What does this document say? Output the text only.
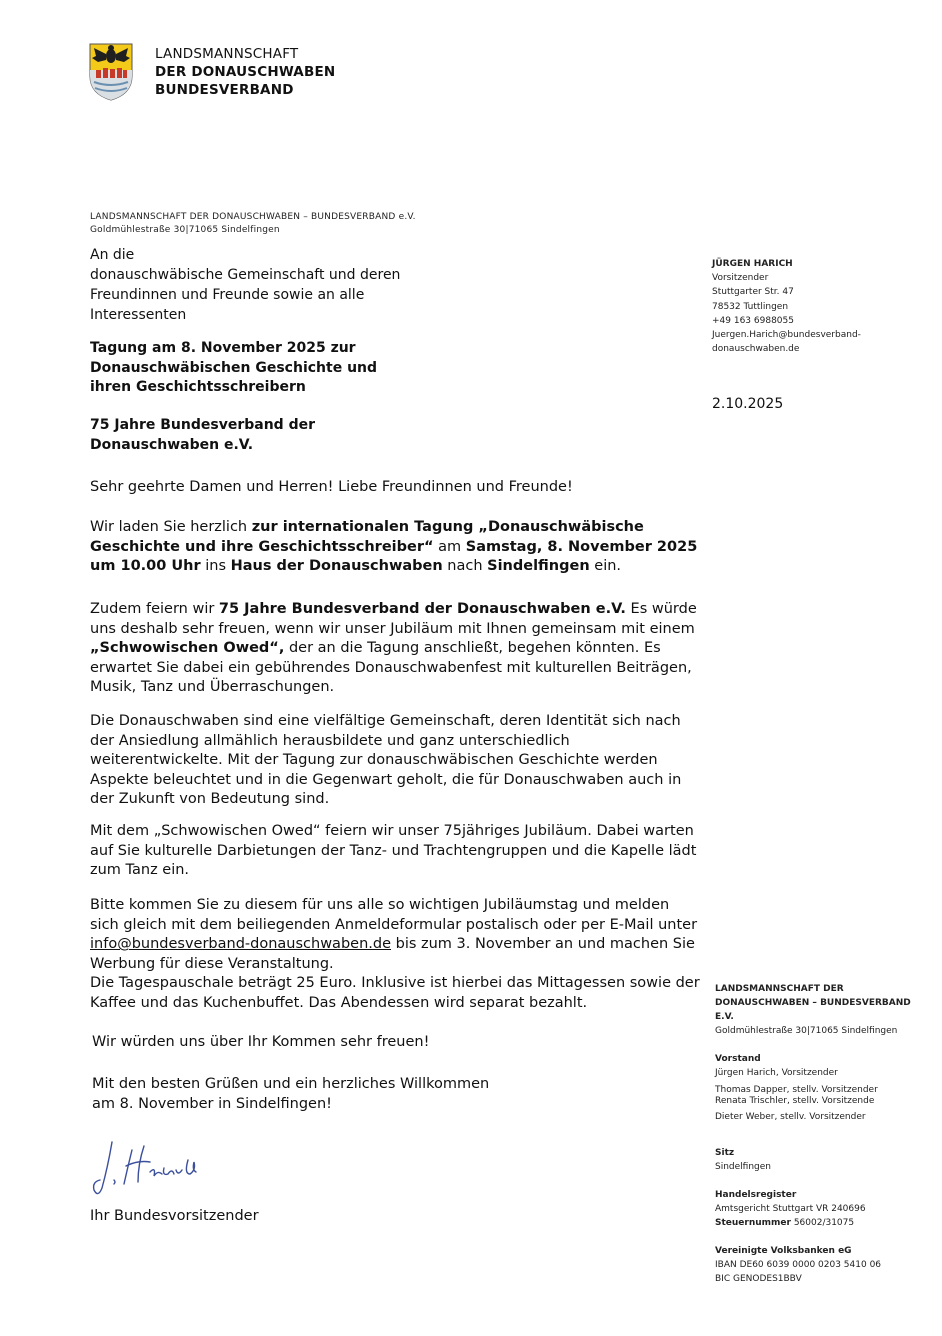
LANDSMANNSCHAFT
DER DONAUSCHWABEN
BUNDESVERBAND
LANDSMANNSCHAFT DER DONAUSCHWABEN – BUNDESVERBAND e.V.
Goldmühlestraße 30|71065 Sindelfingen
An die
donauschwäbische Gemeinschaft und deren
Freundinnen und Freunde sowie an alle
Interessenten
Tagung am 8. November 2025 zur
Donauschwäbischen Geschichte und
ihren Geschichtsschreibern
75 Jahre Bundesverband der
Donauschwaben e.V.
JÜRGEN HARICH
Vorsitzender
Stuttgarter Str. 47
78532 Tuttlingen
+49 163 6988055
Juergen.Harich@bundesverband-
donauschwaben.de
2.10.2025
Sehr geehrte Damen und Herren! Liebe Freundinnen und Freunde!
Wir laden Sie herzlich zur internationalen Tagung „Donauschwäbische Geschichte und ihre Geschichtsschreiber“ am Samstag, 8. November 2025 um 10.00 Uhr ins Haus der Donauschwaben nach Sindelfingen ein.
Zudem feiern wir 75 Jahre Bundesverband der Donauschwaben e.V. Es würde uns deshalb sehr freuen, wenn wir unser Jubiläum mit Ihnen gemeinsam mit einem „Schwowischen Owed“, der an die Tagung anschließt, begehen könnten. Es erwartet Sie dabei ein gebührendes Donauschwabenfest mit kulturellen Beiträgen, Musik, Tanz und Überraschungen.
Die Donauschwaben sind eine vielfältige Gemeinschaft, deren Identität sich nach der Ansiedlung allmählich herausbildete und ganz unterschiedlich weiterentwickelte. Mit der Tagung zur donauschwäbischen Geschichte werden Aspekte beleuchtet und in die Gegenwart geholt, die für Donauschwaben auch in der Zukunft von Bedeutung sind.
Mit dem „Schwowischen Owed“ feiern wir unser 75jähriges Jubiläum. Dabei warten auf Sie kulturelle Darbietungen der Tanz- und Trachtengruppen und die Kapelle lädt zum Tanz ein.
Bitte kommen Sie zu diesem für uns alle so wichtigen Jubiläumstag und melden sich gleich mit dem beiliegenden Anmeldeformular postalisch oder per E-Mail unter info@bundesverband-donauschwaben.de bis zum 3. November an und machen Sie Werbung für diese Veranstaltung.
Die Tagespauschale beträgt 25 Euro. Inklusive ist hierbei das Mittagessen sowie der Kaffee und das Kuchenbuffet. Das Abendessen wird separat bezahlt.
Wir würden uns über Ihr Kommen sehr freuen!
Mit den besten Grüßen und ein herzliches Willkommen
am 8. November in Sindelfingen!
Ihr Bundesvorsitzender
LANDSMANNSCHAFT DER
DONAUSCHWABEN – BUNDESVERBAND E.V.
Goldmühlestraße 30|71065 Sindelfingen
Vorstand
Jürgen Harich, Vorsitzender
Thomas Dapper, stellv. Vorsitzender
Renata Trischler, stellv. Vorsitzende
Dieter Weber, stellv. Vorsitzender
Sitz
Sindelfingen
Handelsregister
Amtsgericht Stuttgart VR 240696
Steuernummer 56002/31075
Vereinigte Volksbanken eG
IBAN DE60 6039 0000 0203 5410 06
BIC GENODES1BBV
